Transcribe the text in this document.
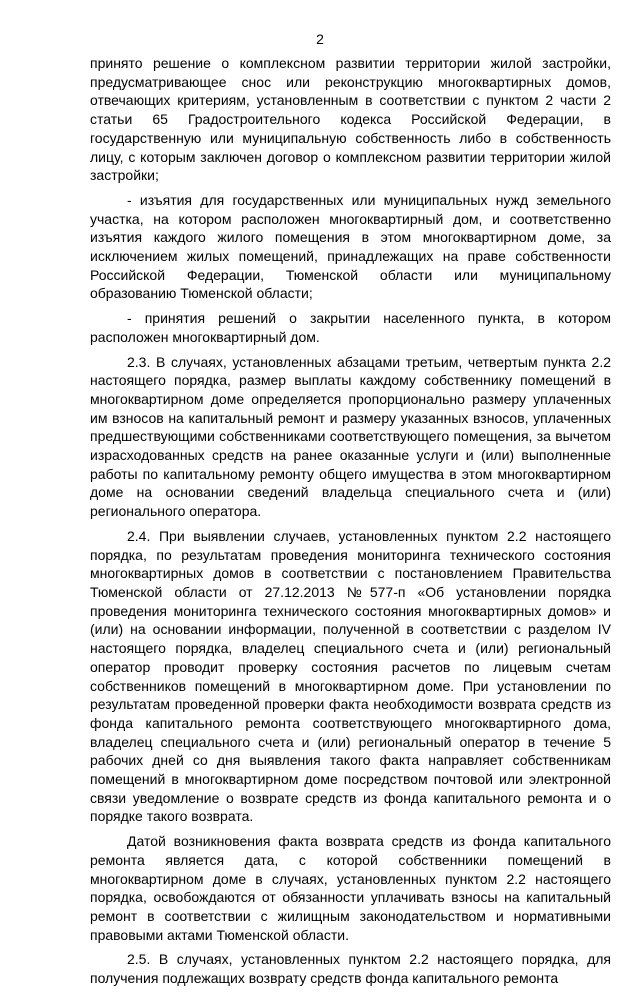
2

принято решение о комплексном развитии территории жилой застройки, предусматривающее снос или реконструкцию многоквартирных домов, отвечающих критериям, установленным в соответствии с пунктом 2 части 2 статьи 65 Градостроительного кодекса Российской Федерации, в государственную или муниципальную собственность либо в собственность лицу, с которым заключен договор о комплексном развитии территории жилой застройки;

- изъятия для государственных или муниципальных нужд земельного участка, на котором расположен многоквартирный дом, и соответственно изъятия каждого жилого помещения в этом многоквартирном доме, за исключением жилых помещений, принадлежащих на праве собственности Российской Федерации, Тюменской области или муниципальному образованию Тюменской области;

- принятия решений о закрытии населенного пункта, в котором расположен многоквартирный дом.

2.3. В случаях, установленных абзацами третьим, четвертым пункта 2.2 настоящего порядка, размер выплаты каждому собственнику помещений в многоквартирном доме определяется пропорционально размеру уплаченных им взносов на капитальный ремонт и размеру указанных взносов, уплаченных предшествующими собственниками соответствующего помещения, за вычетом израсходованных средств на ранее оказанные услуги и (или) выполненные работы по капитальному ремонту общего имущества в этом многоквартирном доме на основании сведений владельца специального счета и (или) регионального оператора.

2.4. При выявлении случаев, установленных пунктом 2.2 настоящего порядка, по результатам проведения мониторинга технического состояния многоквартирных домов в соответствии с постановлением Правительства Тюменской области от 27.12.2013 №577-п «Об установлении порядка проведения мониторинга технического состояния многоквартирных домов» и (или) на основании информации, полученной в соответствии с разделом IV настоящего порядка, владелец специального счета и (или) региональный оператор проводит проверку состояния расчетов по лицевым счетам собственников помещений в многоквартирном доме. При установлении по результатам проведенной проверки факта необходимости возврата средств из фонда капитального ремонта соответствующего многоквартирного дома, владелец специального счета и (или) региональный оператор в течение 5 рабочих дней со дня выявления такого факта направляет собственникам помещений в многоквартирном доме посредством почтовой или электронной связи уведомление о возврате средств из фонда капитального ремонта и о порядке такого возврата.

Датой возникновения факта возврата средств из фонда капитального ремонта является дата, с которой собственники помещений в многоквартирном доме в случаях, установленных пунктом 2.2 настоящего порядка, освобождаются от обязанности уплачивать взносы на капитальный ремонт в соответствии с жилищным законодательством и нормативными правовыми актами Тюменской области.

2.5. В случаях, установленных пунктом 2.2 настоящего порядка, для получения подлежащих возврату средств фонда капитального ремонта
